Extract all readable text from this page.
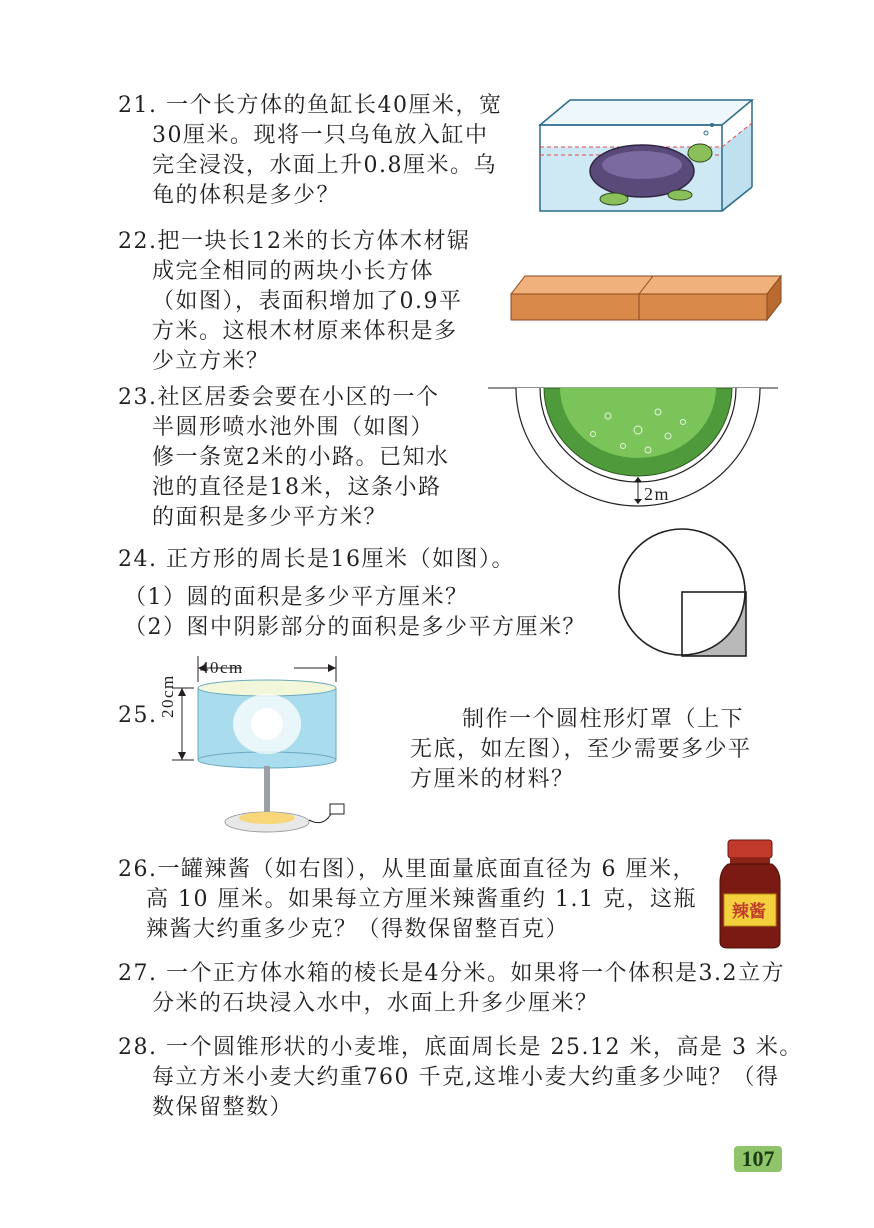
21. 一个长方体的鱼缸长40厘米，宽
30厘米。现将一只乌龟放入缸中
完全浸没，水面上升0.8厘米。乌
龟的体积是多少？
22.把一块长12米的长方体木材锯
成完全相同的两块小长方体
（如图），表面积增加了0.9平
方米。这根木材原来体积是多
少立方米？
23.社区居委会要在小区的一个
半圆形喷水池外围（如图）
修一条宽2米的小路。已知水
池的直径是18米，这条小路
的面积是多少平方米？
2m
24. 正方形的周长是16厘米（如图）。
（1）圆的面积是多少平方厘米？
（2）图中阴影部分的面积是多少平方厘米？
25.
40cm
20cm
制作一个圆柱形灯罩（上下
无底，如左图），至少需要多少平
方厘米的材料？
26.一罐辣酱（如右图），从里面量底面直径为 6 厘米，
高 10 厘米。如果每立方厘米辣酱重约 1.1 克，这瓶
辣酱大约重多少克？（得数保留整百克）
辣酱
27. 一个正方体水箱的棱长是4分米。如果将一个体积是3.2立方
分米的石块浸入水中，水面上升多少厘米？
28. 一个圆锥形状的小麦堆，底面周长是 25.12 米，高是 3 米。
每立方米小麦大约重760 千克,这堆小麦大约重多少吨？（得
数保留整数）
107
